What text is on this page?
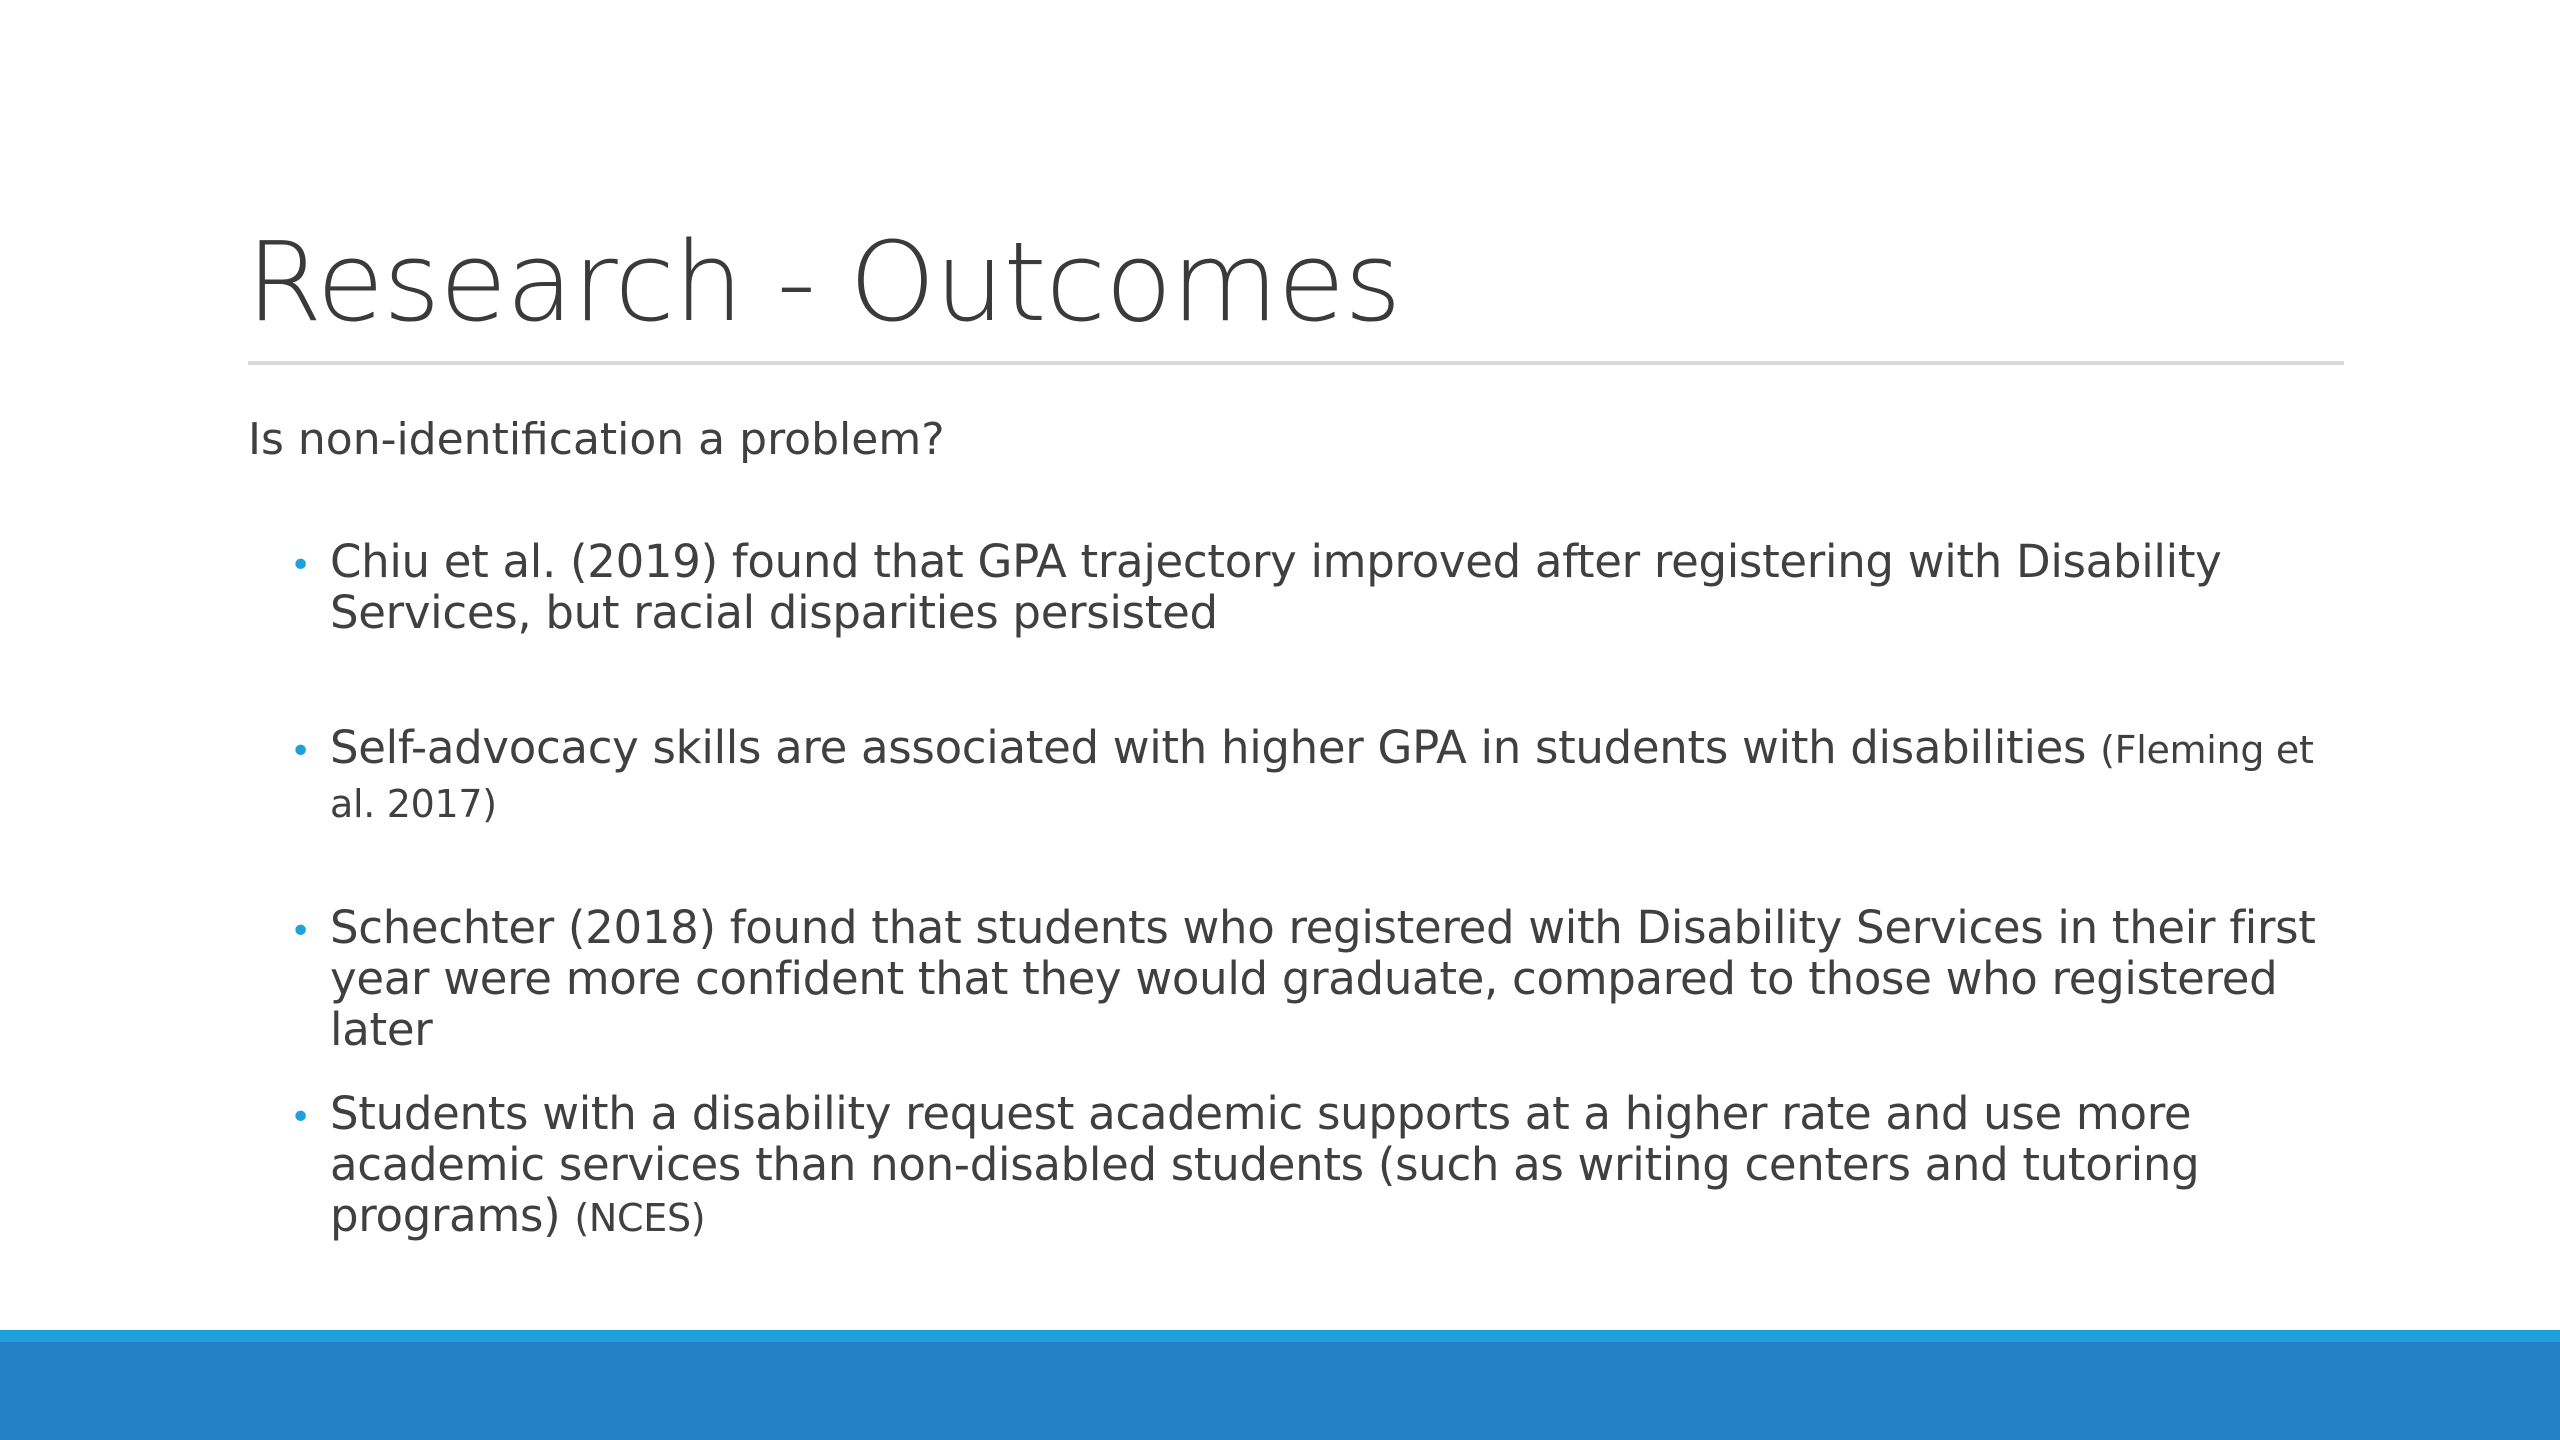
Research - Outcomes

Is non-identification a problem?

• Chiu et al. (2019) found that GPA trajectory improved after registering with Disability Services, but racial disparities persisted
• Self-advocacy skills are associated with higher GPA in students with disabilities (Fleming et al. 2017)
• Schechter (2018) found that students who registered with Disability Services in their first year were more confident that they would graduate, compared to those who registered later
• Students with a disability request academic supports at a higher rate and use more academic services than non-disabled students (such as writing centers and tutoring programs) (NCES)
